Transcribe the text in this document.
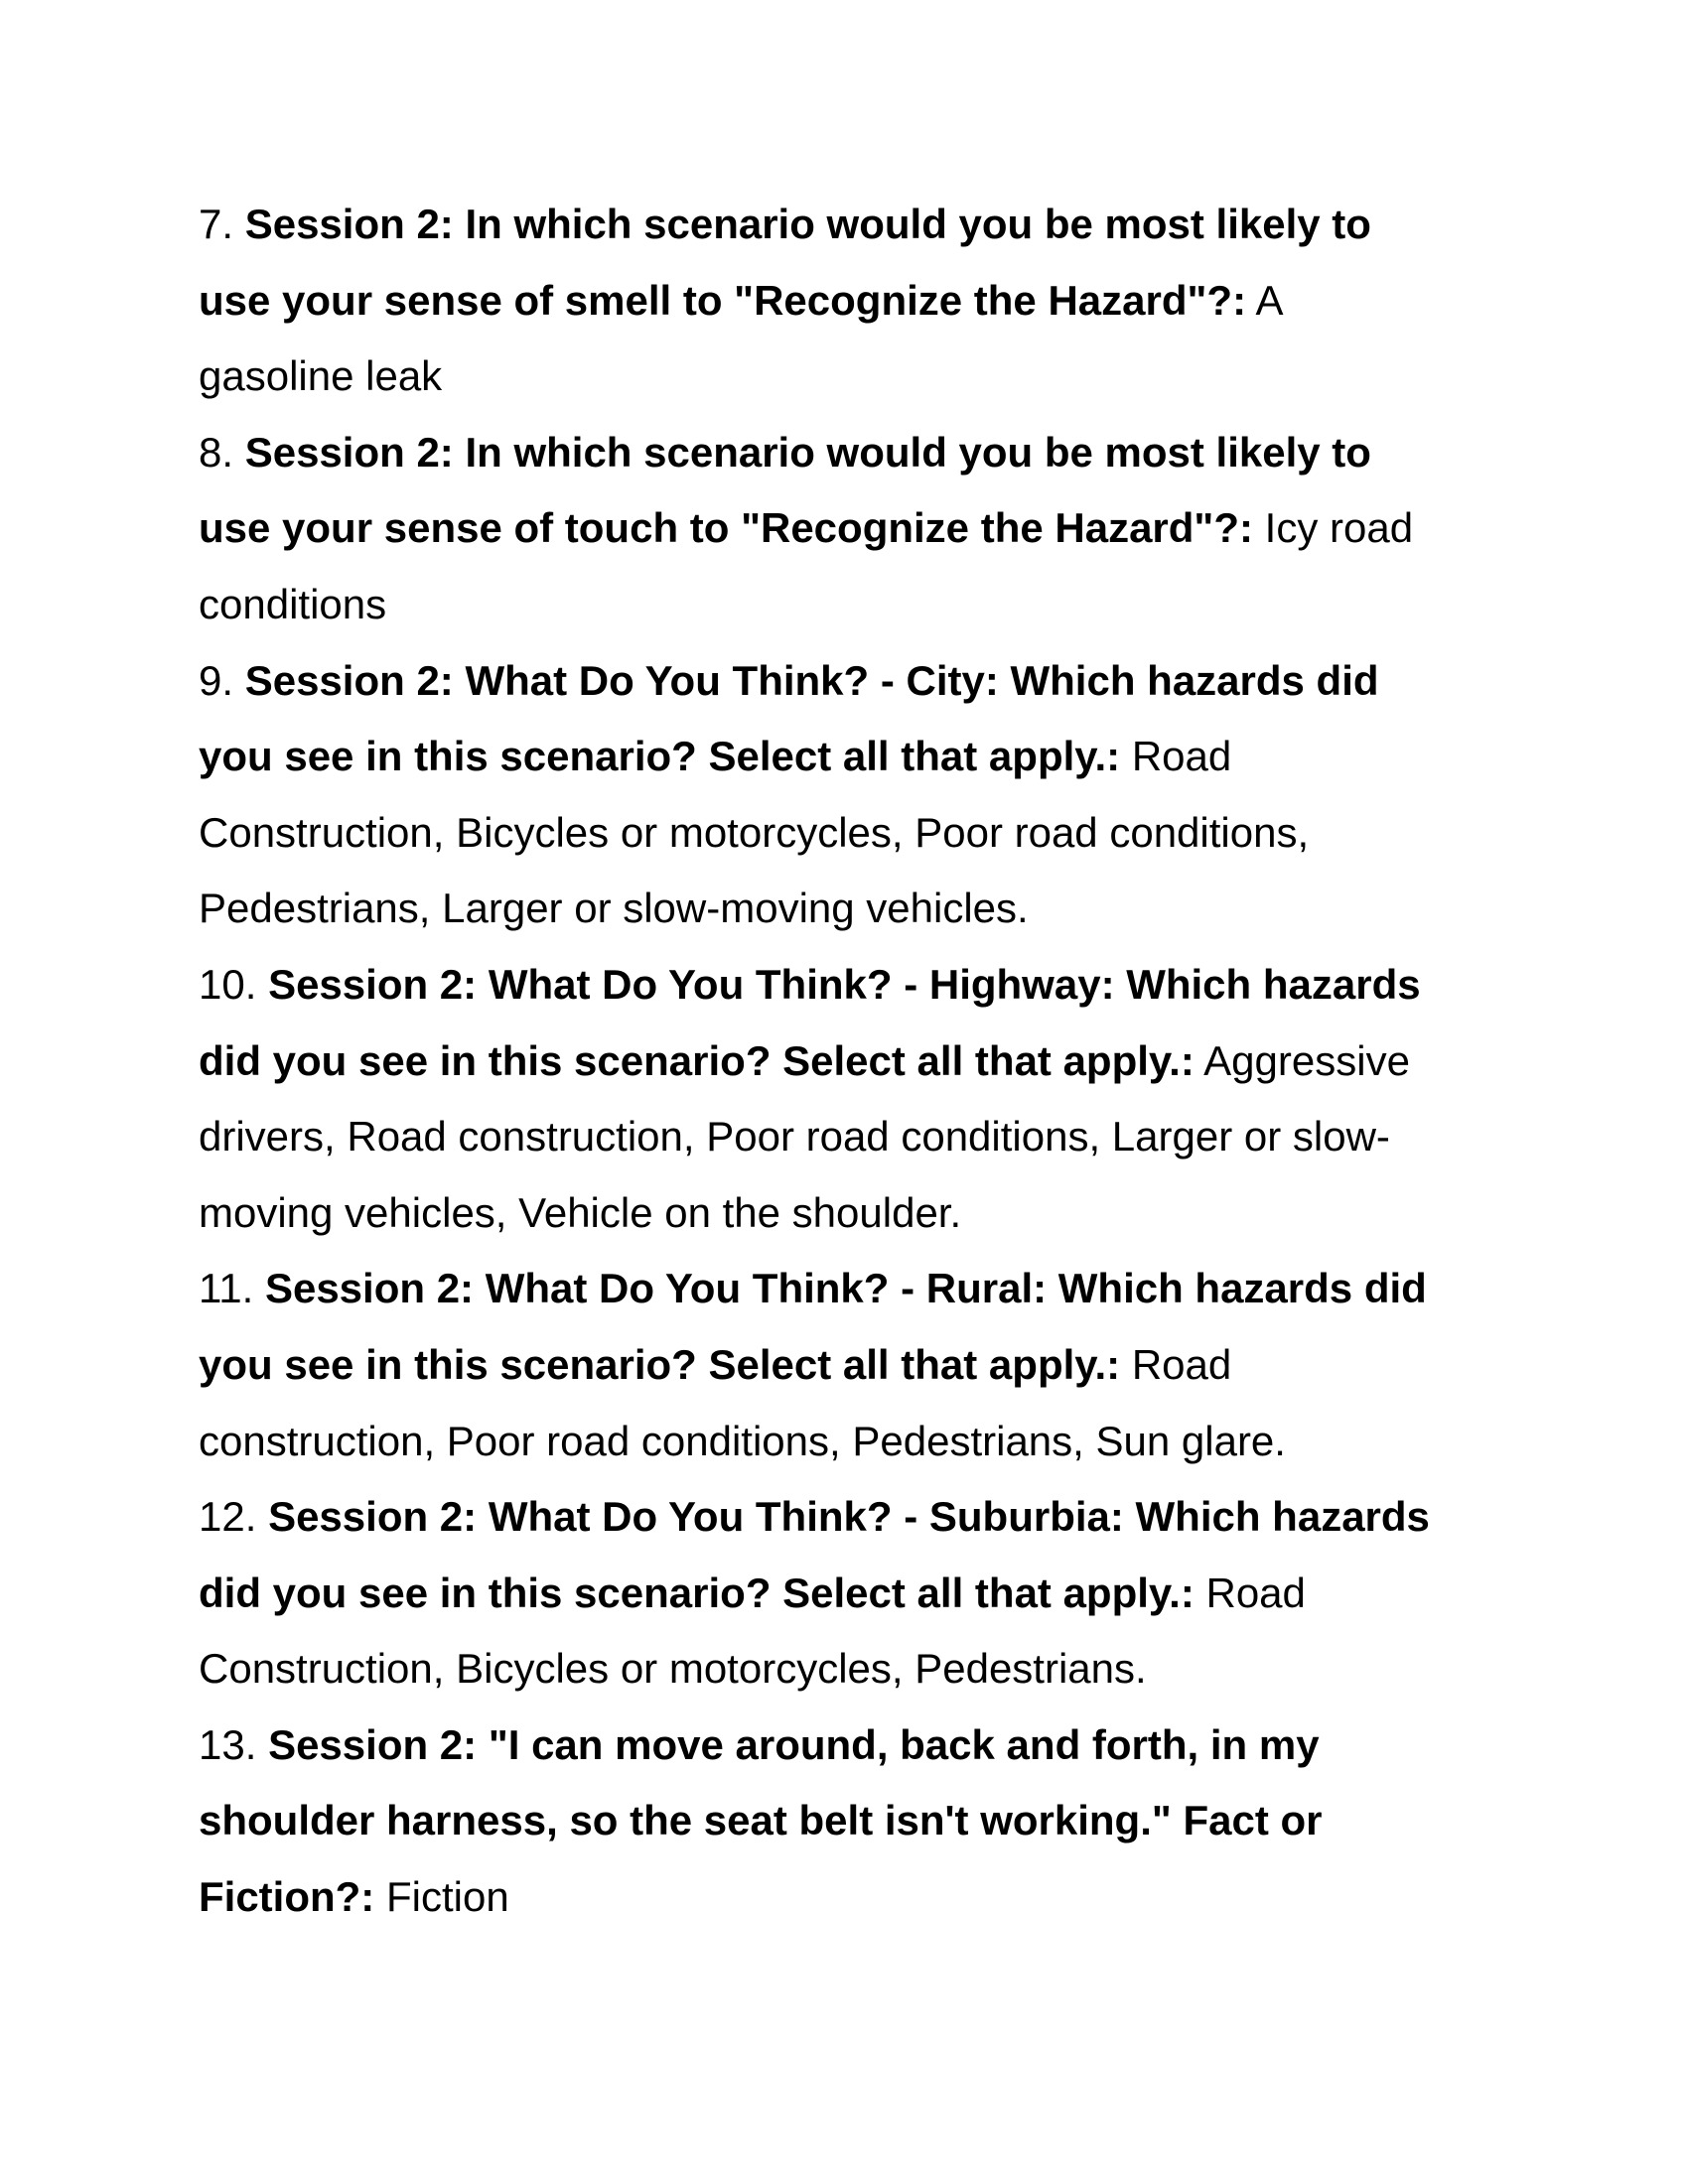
7. Session 2: In which scenario would you be most likely to
use your sense of smell to "Recognize the Hazard"?: A
gasoline leak
8. Session 2: In which scenario would you be most likely to
use your sense of touch to "Recognize the Hazard"?: Icy road
conditions
9. Session 2: What Do You Think? - City: Which hazards did
you see in this scenario? Select all that apply.: Road
Construction, Bicycles or motorcycles, Poor road conditions,
Pedestrians, Larger or slow-moving vehicles.
10. Session 2: What Do You Think? - Highway: Which hazards
did you see in this scenario? Select all that apply.: Aggressive
drivers, Road construction, Poor road conditions, Larger or slow-
moving vehicles, Vehicle on the shoulder.
11. Session 2: What Do You Think? - Rural: Which hazards did
you see in this scenario? Select all that apply.: Road
construction, Poor road conditions, Pedestrians, Sun glare.
12. Session 2: What Do You Think? - Suburbia: Which hazards
did you see in this scenario? Select all that apply.: Road
Construction, Bicycles or motorcycles, Pedestrians.
13. Session 2: "I can move around, back and forth, in my
shoulder harness, so the seat belt isn't working." Fact or
Fiction?: Fiction
